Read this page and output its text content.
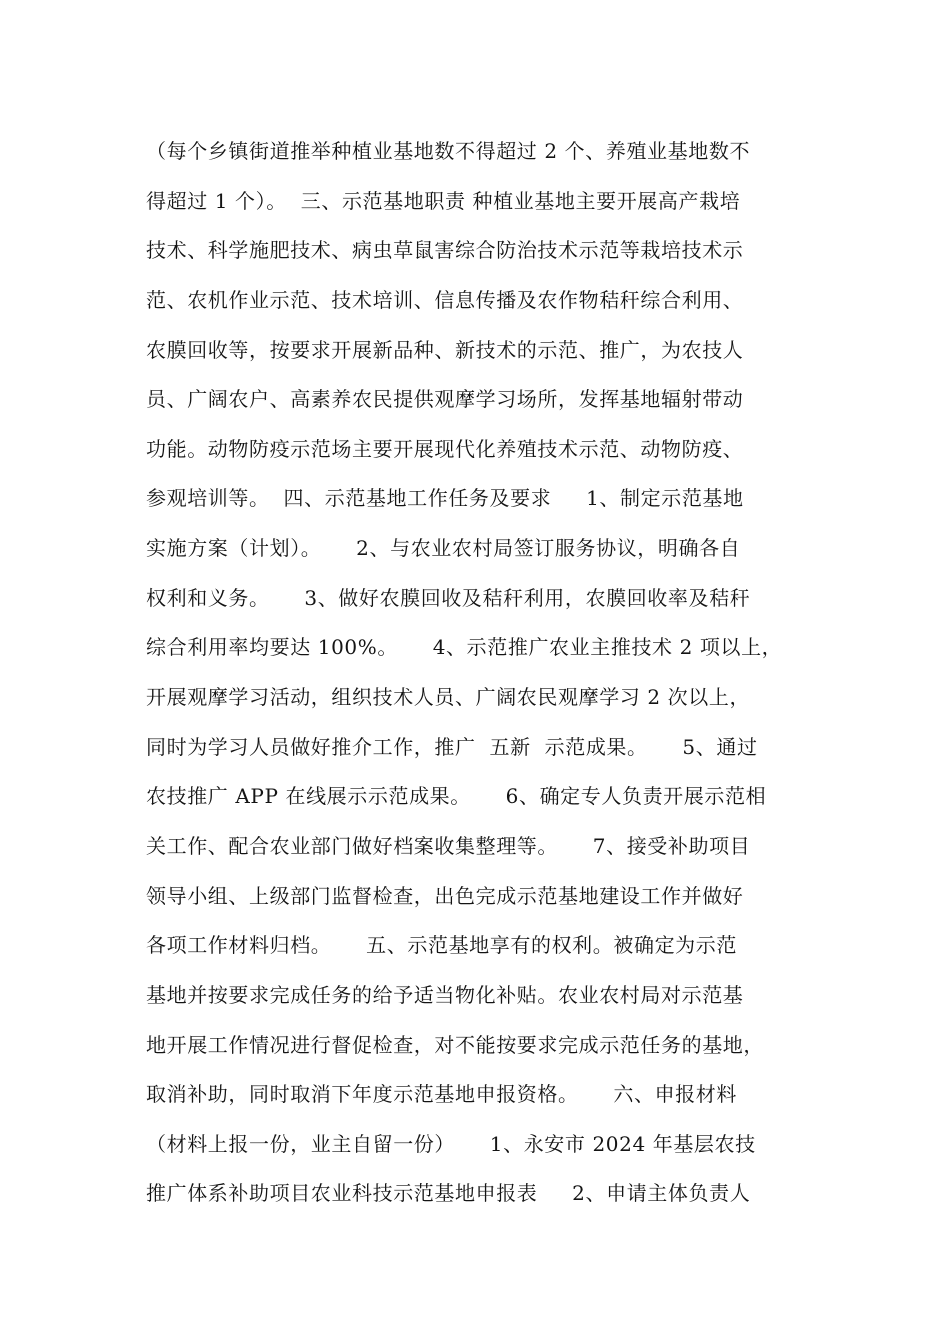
（每个乡镇街道推举种植业基地数不得超过 2 个、养殖业基地数不
得超过 1 个）。  三、示范基地职责 种植业基地主要开展高产栽培
技术、科学施肥技术、病虫草鼠害综合防治技术示范等栽培技术示
范、农机作业示范、技术培训、信息传播及农作物秸秆综合利用、
农膜回收等，按要求开展新品种、新技术的示范、推广，为农技人
员、广阔农户、高素养农民提供观摩学习场所，发挥基地辐射带动
功能。动物防疫示范场主要开展现代化养殖技术示范、动物防疫、
参观培训等。  四、示范基地工作任务及要求     1、制定示范基地
实施方案（计划）。     2、与农业农村局签订服务协议，明确各自
权利和义务。     3、做好农膜回收及秸秆利用，农膜回收率及秸秆
综合利用率均要达 100%。     4、示范推广农业主推技术 2 项以上，
开展观摩学习活动，组织技术人员、广阔农民观摩学习 2 次以上，
同时为学习人员做好推介工作，推广  五新  示范成果。     5、通过
农技推广 APP 在线展示示范成果。     6、确定专人负责开展示范相
关工作、配合农业部门做好档案收集整理等。     7、接受补助项目
领导小组、上级部门监督检查，出色完成示范基地建设工作并做好
各项工作材料归档。     五、示范基地享有的权利。被确定为示范
基地并按要求完成任务的给予适当物化补贴。农业农村局对示范基
地开展工作情况进行督促检查，对不能按要求完成示范任务的基地，
取消补助，同时取消下年度示范基地申报资格。     六、申报材料
（材料上报一份，业主自留一份）     1、永安市 2024 年基层农技
推广体系补助项目农业科技示范基地申报表     2、申请主体负责人
